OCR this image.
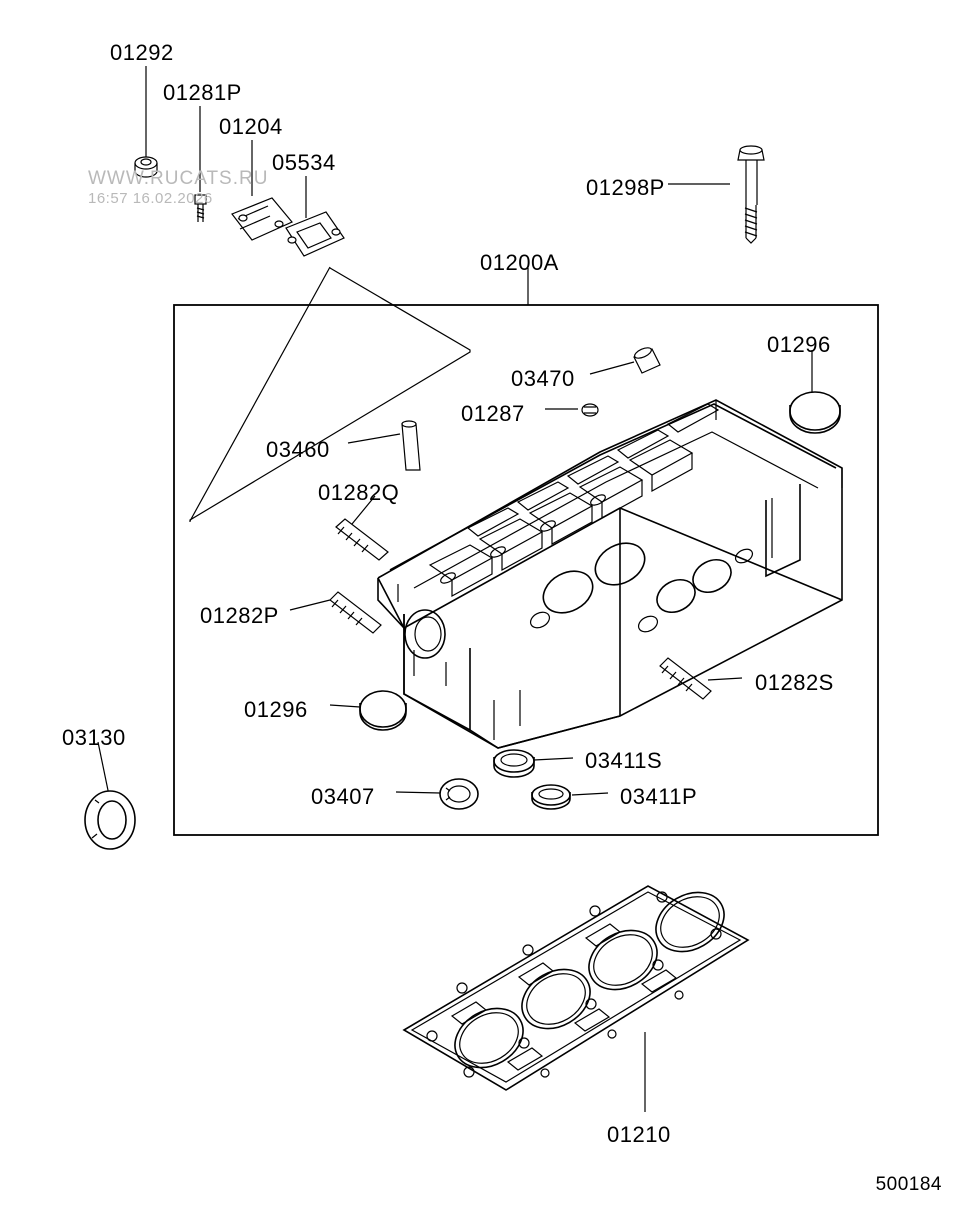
WWW.RUCATS.RU
16:57 16.02.2026
01292
01281P
01204
05534
01298P
01200A
01296
03470
01287
03460
01282Q
01282P
01282S
01296
03130
03411S
03407	03411P
01210
500184
